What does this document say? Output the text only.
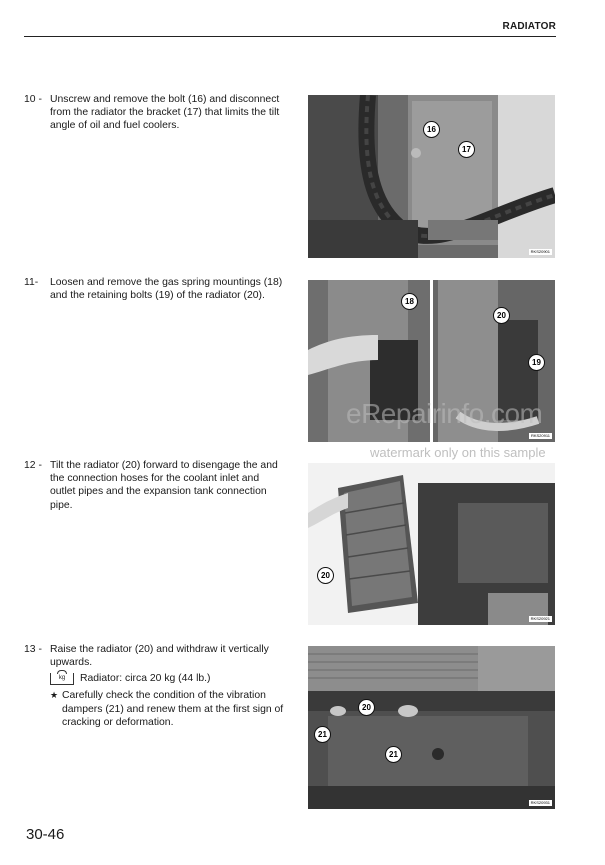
RADIATOR
10 - Unscrew and remove the bolt (16) and disconnect from the radiator the bracket (17) that limits the tilt angle of oil and fuel coolers.
11- Loosen and remove the gas spring mountings (18) and the retaining bolts (19) of the radiator (20).
12 - Tilt the radiator (20) forward to disengage the and the connection hoses for the coolant inlet and outlet pipes and the expansion tank connection pipe.
13 - Raise the radiator (20) and withdraw it vertically upwards.
kg	Radiator: circa 20 kg (44 lb.)
★ Carefully check the condition of the vibration dampers (21) and renew them at the first sign of cracking or deformation.
16
17
RKS20901
18
20
19
RKS20911
20
RKS20921
21
20
21
RKS20931
eRepairinfo.com
watermark only on this sample
30-46
